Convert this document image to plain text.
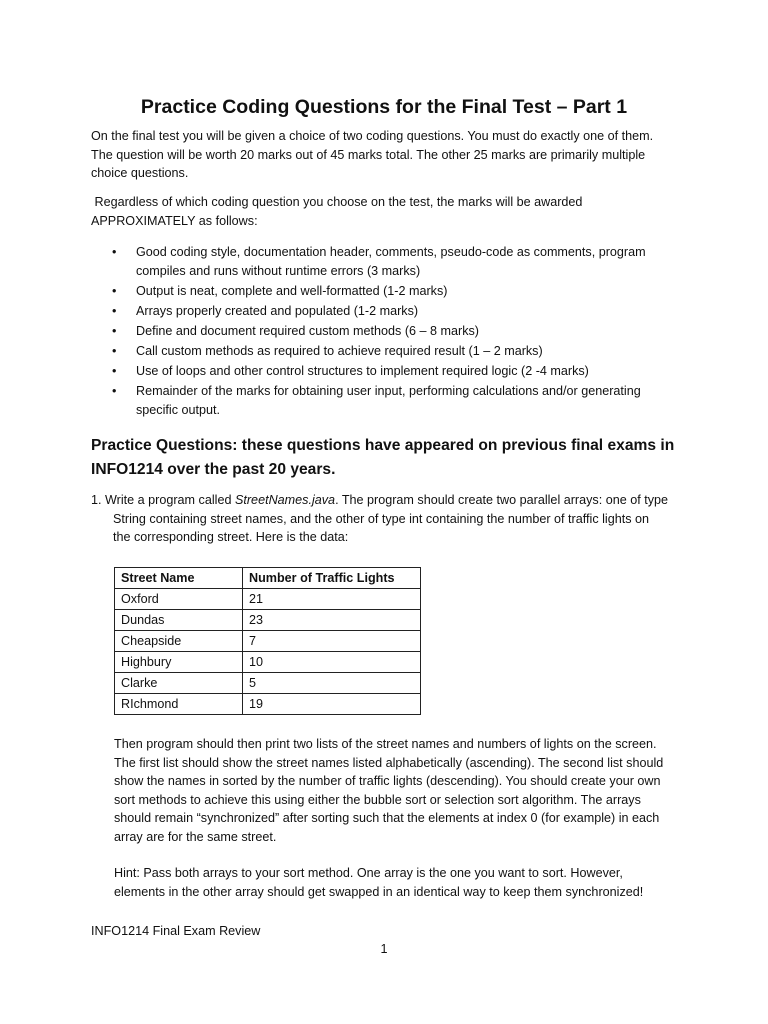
Practice Coding Questions for the Final Test – Part 1
On the final test you will be given a choice of two coding questions. You must do exactly one of them.
The question will be worth 20 marks out of 45 marks total. The other 25 marks are primarily multiple
choice questions.
Regardless of which coding question you choose on the test, the marks will be awarded
APPROXIMATELY as follows:
• Good coding style, documentation header, comments, pseudo-code as comments, program
compiles and runs without runtime errors (3 marks)
• Output is neat, complete and well-formatted (1-2 marks)
• Arrays properly created and populated (1-2 marks)
• Define and document required custom methods (6 – 8 marks)
• Call custom methods as required to achieve required result (1 – 2 marks)
• Use of loops and other control structures to implement required logic (2 -4 marks)
• Remainder of the marks for obtaining user input, performing calculations and/or generating
specific output.
Practice Questions: these questions have appeared on previous final exams in
INFO1214 over the past 20 years.
1. Write a program called StreetNames.java. The program should create two parallel arrays: one of type
String containing street names, and the other of type int containing the number of traffic lights on
the corresponding street. Here is the data:
Street Name	Number of Traffic Lights
Oxford	21
Dundas	23
Cheapside	7
Highbury	10
Clarke	5
RIchmond	19
Then program should then print two lists of the street names and numbers of lights on the screen.
The first list should show the street names listed alphabetically (ascending). The second list should
show the names in sorted by the number of traffic lights (descending). You should create your own
sort methods to achieve this using either the bubble sort or selection sort algorithm. The arrays
should remain “synchronized” after sorting such that the elements at index 0 (for example) in each
array are for the same street.
Hint: Pass both arrays to your sort method. One array is the one you want to sort. However,
elements in the other array should get swapped in an identical way to keep them synchronized!
INFO1214 Final Exam Review
1
